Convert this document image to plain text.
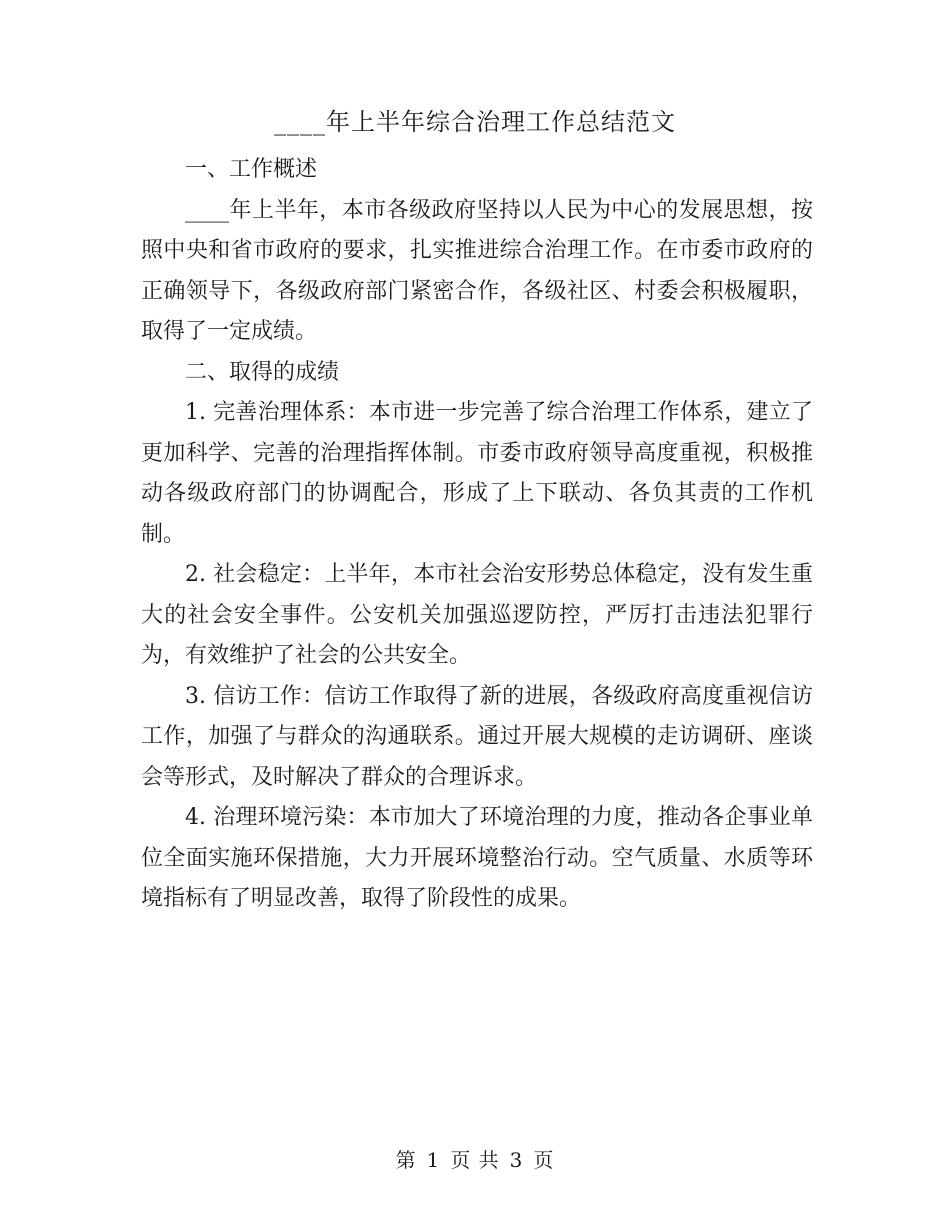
____年上半年综合治理工作总结范文

一、工作概述

____年上半年，本市各级政府坚持以人民为中心的发展思想，按照中央和省市政府的要求，扎实推进综合治理工作。在市委市政府的正确领导下，各级政府部门紧密合作，各级社区、村委会积极履职，取得了一定成绩。

二、取得的成绩

1. 完善治理体系：本市进一步完善了综合治理工作体系，建立了更加科学、完善的治理指挥体制。市委市政府领导高度重视，积极推动各级政府部门的协调配合，形成了上下联动、各负其责的工作机制。

2. 社会稳定：上半年，本市社会治安形势总体稳定，没有发生重大的社会安全事件。公安机关加强巡逻防控，严厉打击违法犯罪行为，有效维护了社会的公共安全。

3. 信访工作：信访工作取得了新的进展，各级政府高度重视信访工作，加强了与群众的沟通联系。通过开展大规模的走访调研、座谈会等形式，及时解决了群众的合理诉求。

4. 治理环境污染：本市加大了环境治理的力度，推动各企事业单位全面实施环保措施，大力开展环境整治行动。空气质量、水质等环境指标有了明显改善，取得了阶段性的成果。

第 1 页 共 3 页
